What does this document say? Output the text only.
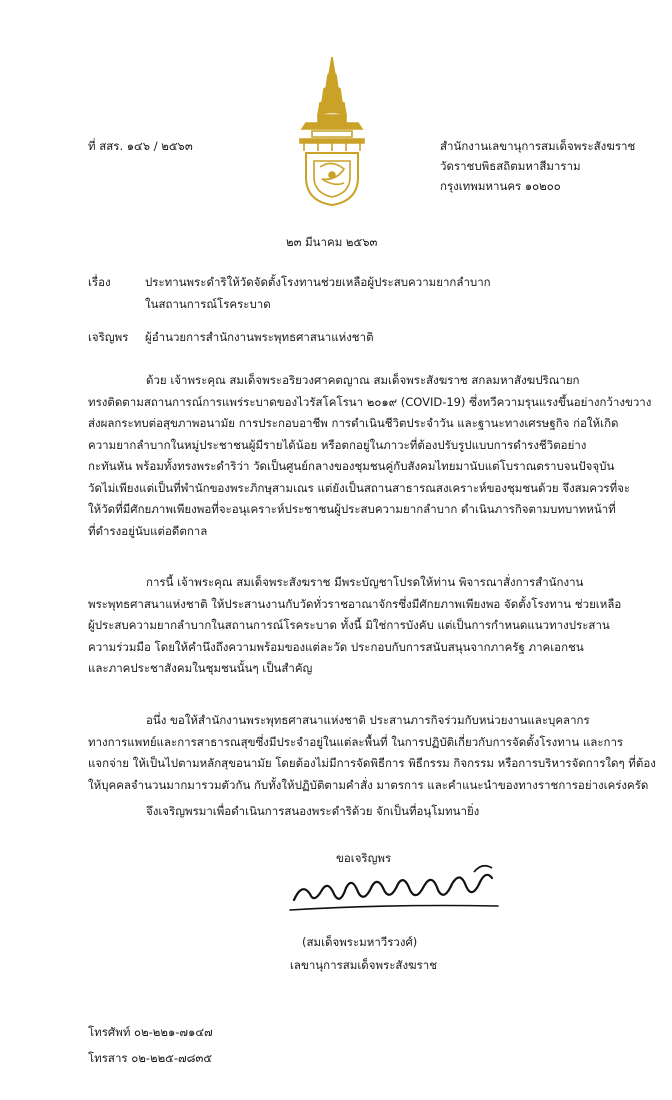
ที่ สสร. ๑๔๖ / ๒๕๖๓	สำนักงานเลขานุการสมเด็จพระสังฆราช
วัดราชบพิธสถิตมหาสีมาราม
กรุงเทพมหานคร ๑๐๒๐๐
๒๓ มีนาคม ๒๕๖๓
เรื่อง	ประทานพระดำริให้วัดจัดตั้งโรงทานช่วยเหลือผู้ประสบความยากลำบาก
ในสถานการณ์โรคระบาด
เจริญพร ผู้อำนวยการสำนักงานพระพุทธศาสนาแห่งชาติ
ด้วย เจ้าพระคุณ สมเด็จพระอริยวงศาคตญาณ สมเด็จพระสังฆราช สกลมหาสังฆปริณายก
ทรงติดตามสถานการณ์การแพร่ระบาดของไวรัสโคโรนา ๒๐๑๙ (COVID-19) ซึ่งทวีความรุนแรงขึ้นอย่างกว้างขวาง
ส่งผลกระทบต่อสุขภาพอนามัย การประกอบอาชีพ การดำเนินชีวิตประจำวัน และฐานะทางเศรษฐกิจ ก่อให้เกิด
ความยากลำบากในหมู่ประชาชนผู้มีรายได้น้อย หรือตกอยู่ในภาวะที่ต้องปรับรูปแบบการดำรงชีวิตอย่าง
กะทันหัน พร้อมทั้งทรงพระดำริว่า วัดเป็นศูนย์กลางของชุมชนคู่กับสังคมไทยมานับแต่โบราณตราบจนปัจจุบัน
วัดไม่เพียงแต่เป็นที่พำนักของพระภิกษุสามเณร แต่ยังเป็นสถานสาธารณสงเคราะห์ของชุมชนด้วย จึงสมควรที่จะ
ให้วัดที่มีศักยภาพเพียงพอที่จะอนุเคราะห์ประชาชนผู้ประสบความยากลำบาก ดำเนินภารกิจตามบทบาทหน้าที่
ที่ดำรงอยู่นับแต่อดีตกาล
การนี้ เจ้าพระคุณ สมเด็จพระสังฆราช มีพระบัญชาโปรดให้ท่าน พิจารณาสั่งการสำนักงาน
พระพุทธศาสนาแห่งชาติ ให้ประสานงานกับวัดทั่วราชอาณาจักรซึ่งมีศักยภาพเพียงพอ จัดตั้งโรงทาน ช่วยเหลือ
ผู้ประสบความยากลำบากในสถานการณ์โรคระบาด ทั้งนี้ มิใช่การบังคับ แต่เป็นการกำหนดแนวทางประสาน
ความร่วมมือ โดยให้คำนึงถึงความพร้อมของแต่ละวัด ประกอบกับการสนับสนุนจากภาครัฐ ภาคเอกชน
และภาคประชาสังคมในชุมชนนั้นๆ เป็นสำคัญ
อนึ่ง ขอให้สำนักงานพระพุทธศาสนาแห่งชาติ ประสานภารกิจร่วมกับหน่วยงานและบุคลากร
ทางการแพทย์และการสาธารณสุขซึ่งมีประจำอยู่ในแต่ละพื้นที่ ในการปฏิบัติเกี่ยวกับการจัดตั้งโรงทาน และการ
แจกจ่าย ให้เป็นไปตามหลักสุขอนามัย โดยต้องไม่มีการจัดพิธีการ พิธีกรรม กิจกรรม หรือการบริหารจัดการใดๆ ที่ต้อง
ให้บุคคลจำนวนมากมารวมตัวกัน กับทั้งให้ปฏิบัติตามคำสั่ง มาตรการ และคำแนะนำของทางราชการอย่างเคร่งครัด
จึงเจริญพรมาเพื่อดำเนินการสนองพระดำริด้วย จักเป็นที่อนุโมทนายิ่ง
ขอเจริญพร
(สมเด็จพระมหาวีรวงศ์)
เลขานุการสมเด็จพระสังฆราช
โทรศัพท์ ๐๒-๒๒๑-๗๑๔๗
โทรสาร ๐๒-๒๒๕-๗๘๓๕
